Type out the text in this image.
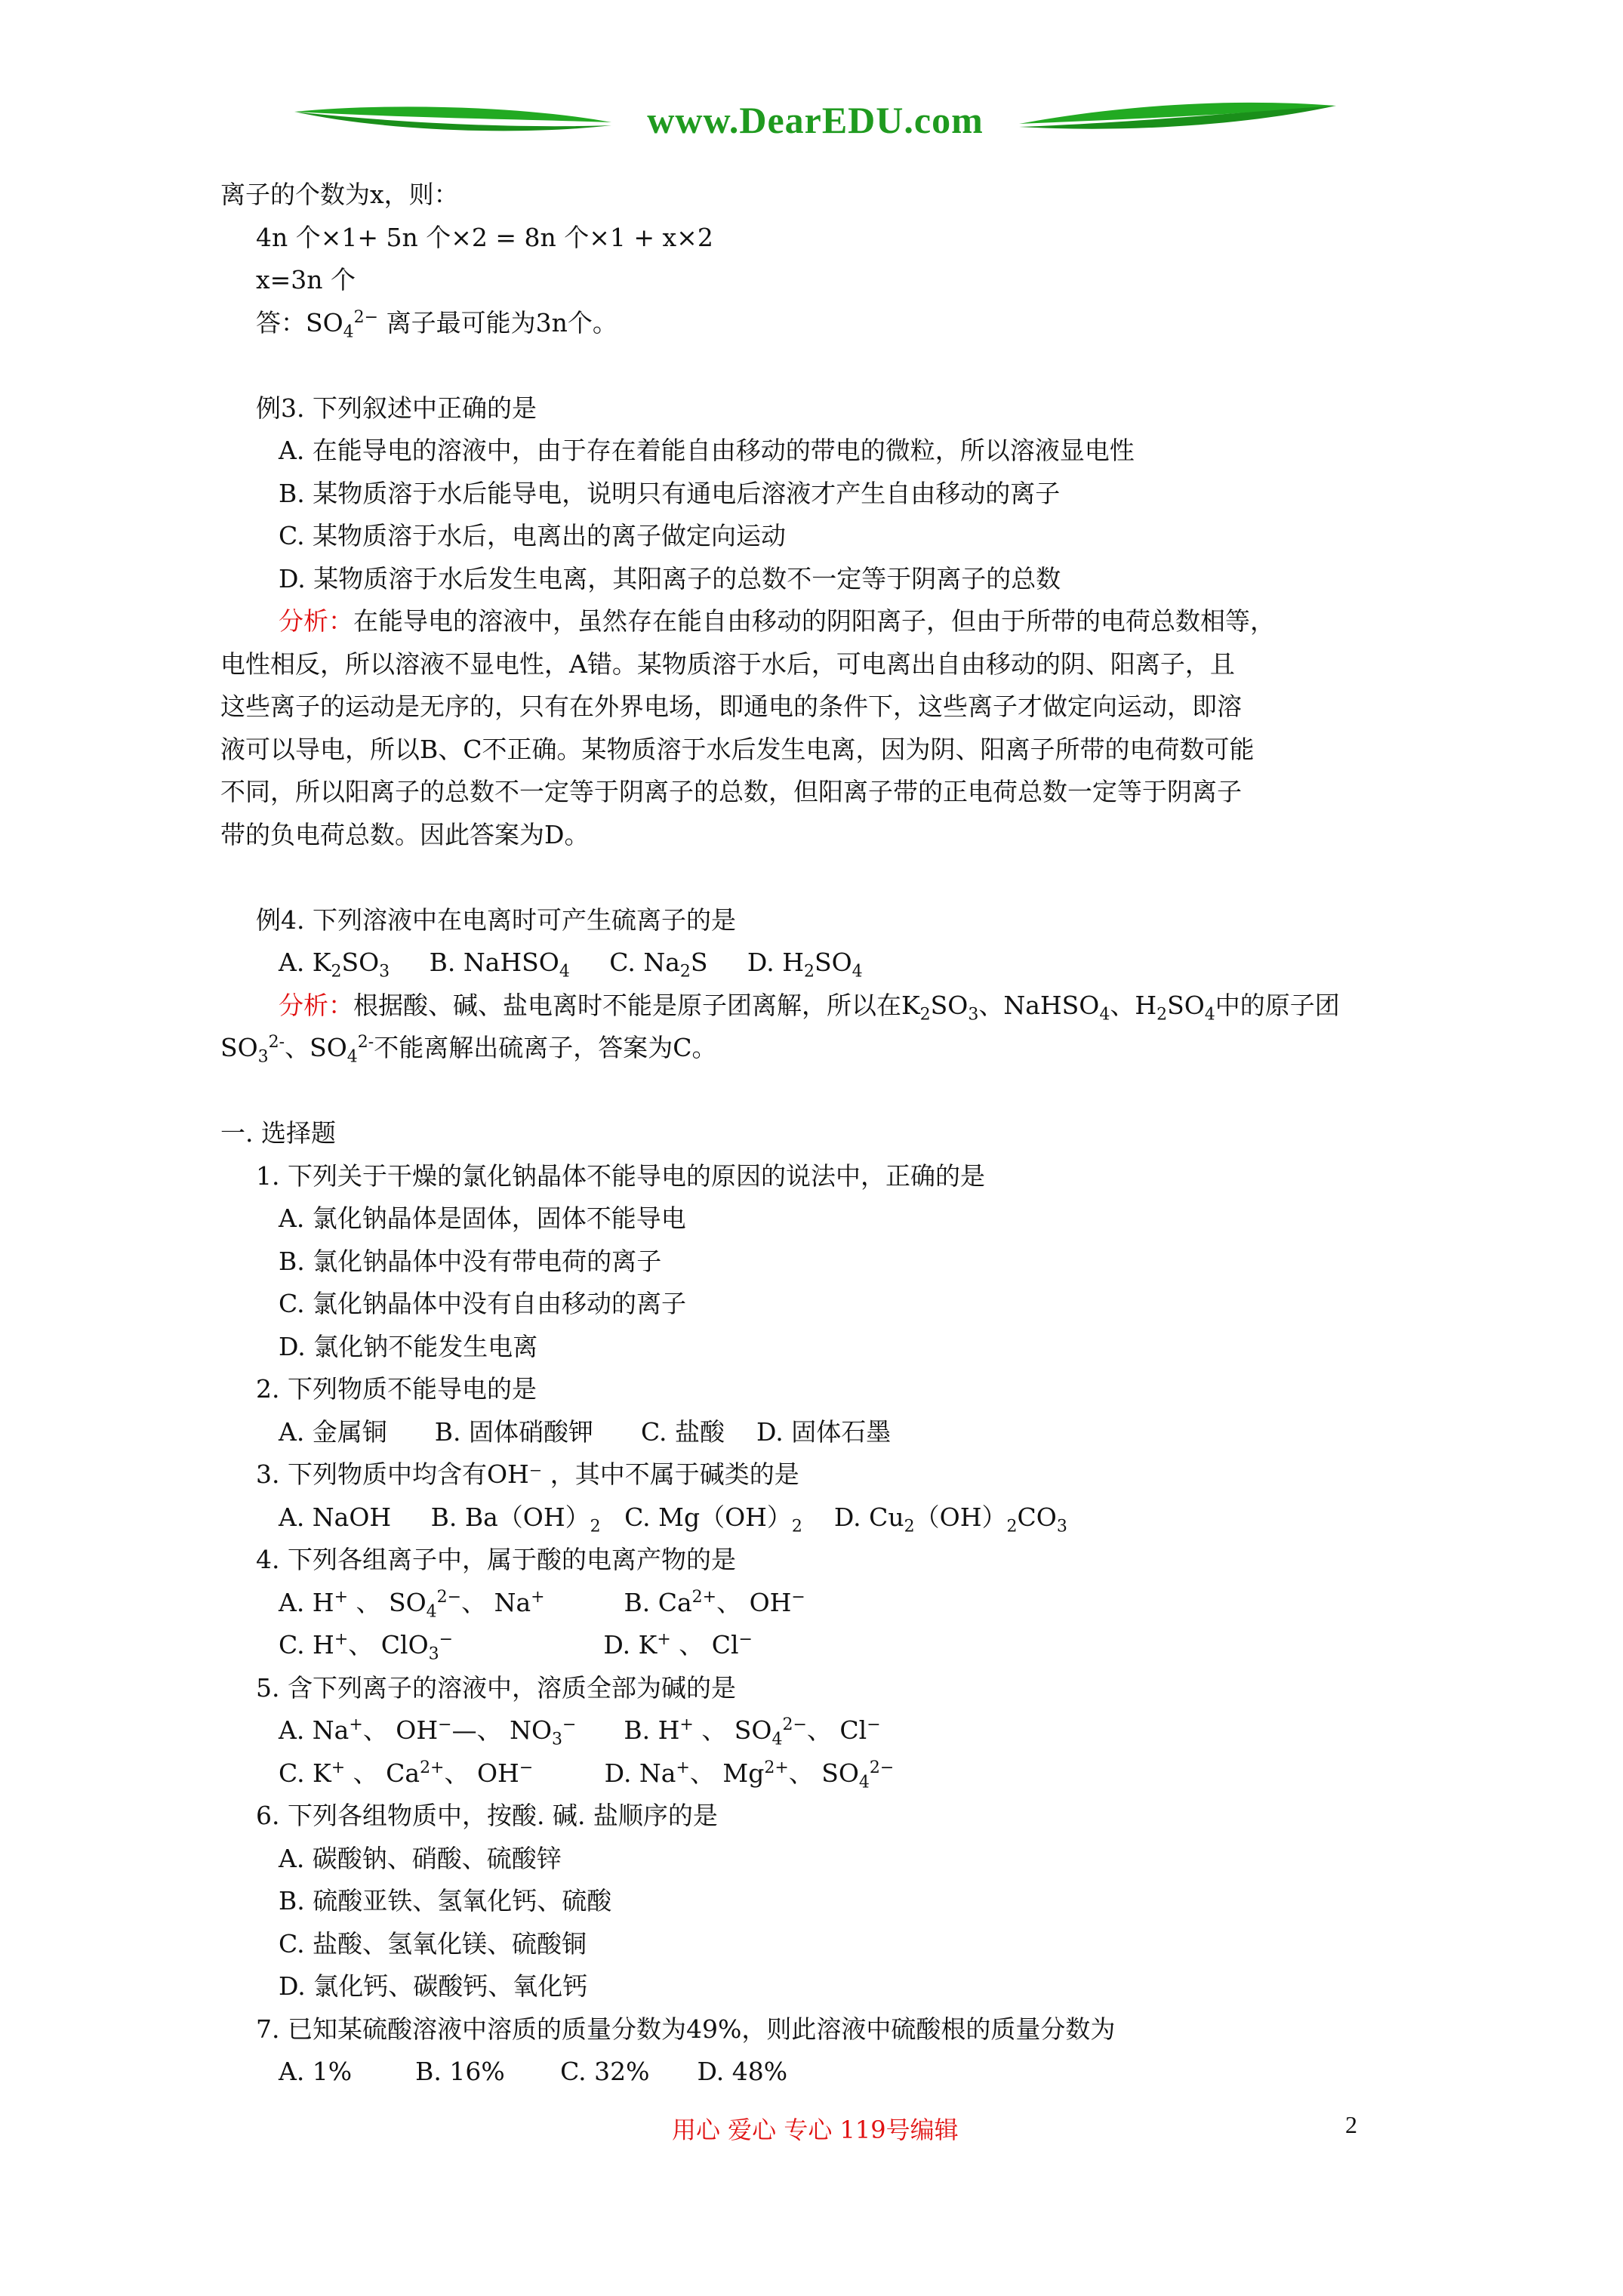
www.DearEDU.com
离子的个数为x，则：
4n 个×1+ 5n 个×2 = 8n 个×1 + x×2
x=3n 个
答：$SO_4^{2-}$ 离子最可能为3n个。
例3. 下列叙述中正确的是
A. 在能导电的溶液中，由于存在着能自由移动的带电的微粒，所以溶液显电性
B. 某物质溶于水后能导电，说明只有通电后溶液才产生自由移动的离子
C. 某物质溶于水后，电离出的离子做定向运动
D. 某物质溶于水后发生电离，其阳离子的总数不一定等于阴离子的总数
分析：在能导电的溶液中，虽然存在能自由移动的阴阳离子，但由于所带的电荷总数相等，
电性相反，所以溶液不显电性，A错。某物质溶于水后，可电离出自由移动的阴、阳离子，且
这些离子的运动是无序的，只有在外界电场，即通电的条件下，这些离子才做定向运动，即溶
液可以导电，所以B、C不正确。某物质溶于水后发生电离，因为阴、阳离子所带的电荷数可能
不同，所以阳离子的总数不一定等于阴离子的总数，但阳离子带的正电荷总数一定等于阴离子
带的负电荷总数。因此答案为D。
例4. 下列溶液中在电离时可产生硫离子的是
A. $K_2SO_3$     B. NaHSO$_4$     C. $Na_2S$     D. $H_2SO_4$
分析：根据酸、碱、盐电离时不能是原子团离解，所以在$K_2SO_3$、NaHSO$_4$、$H_2SO_4$中的原子团
$SO_3^{2-}$、$SO_4^{2-}$不能离解出硫离子，答案为C。
一. 选择题
1. 下列关于干燥的氯化钠晶体不能导电的原因的说法中，正确的是
A. 氯化钠晶体是固体，固体不能导电
B. 氯化钠晶体中没有带电荷的离子
C. 氯化钠晶体中没有自由移动的离子
D. 氯化钠不能发生电离
2. 下列物质不能导电的是
A. 金属铜 B. 固体硝酸钾 C. 盐酸 D. 固体石墨
3. 下列物质中均含有OH⁻ ，其中不属于碱类的是
A. NaOH     B. $Ba(OH)_2$   C. $Mg(OH)_2$    D. $Cu_2(OH)_2CO_3$
4. 下列各组离子中，属于酸的电离产物的是
A. H+ 、 $SO_4^{2-}$、 Na+          B. $Ca^{2+}$、 OH−
C. H+、 ClO$_3$−                   D. K+ 、 Cl−
5. 含下列离子的溶液中，溶质全部为碱的是
A. Na+、 OH−—、 $NO_3^-$      B. H+ 、 $SO_4^{2-}$、 Cl−
C. K+ 、 $Ca^{2+}$、 OH−         D. Na+、 $Mg^{2+}$、 $SO_4^{2-}$
6. 下列各组物质中，按酸. 碱. 盐顺序的是
A. 碳酸钠、硝酸、硫酸锌
B. 硫酸亚铁、氢氧化钙、硫酸
C. 盐酸、氢氧化镁、硫酸铜
D. 氯化钙、碳酸钙、氧化钙
7. 已知某硫酸溶液中溶质的质量分数为49%，则此溶液中硫酸根的质量分数为
A. 1%	B. 16% C. 32% D. 48%
用心 爱心 专心 119号编辑	2
